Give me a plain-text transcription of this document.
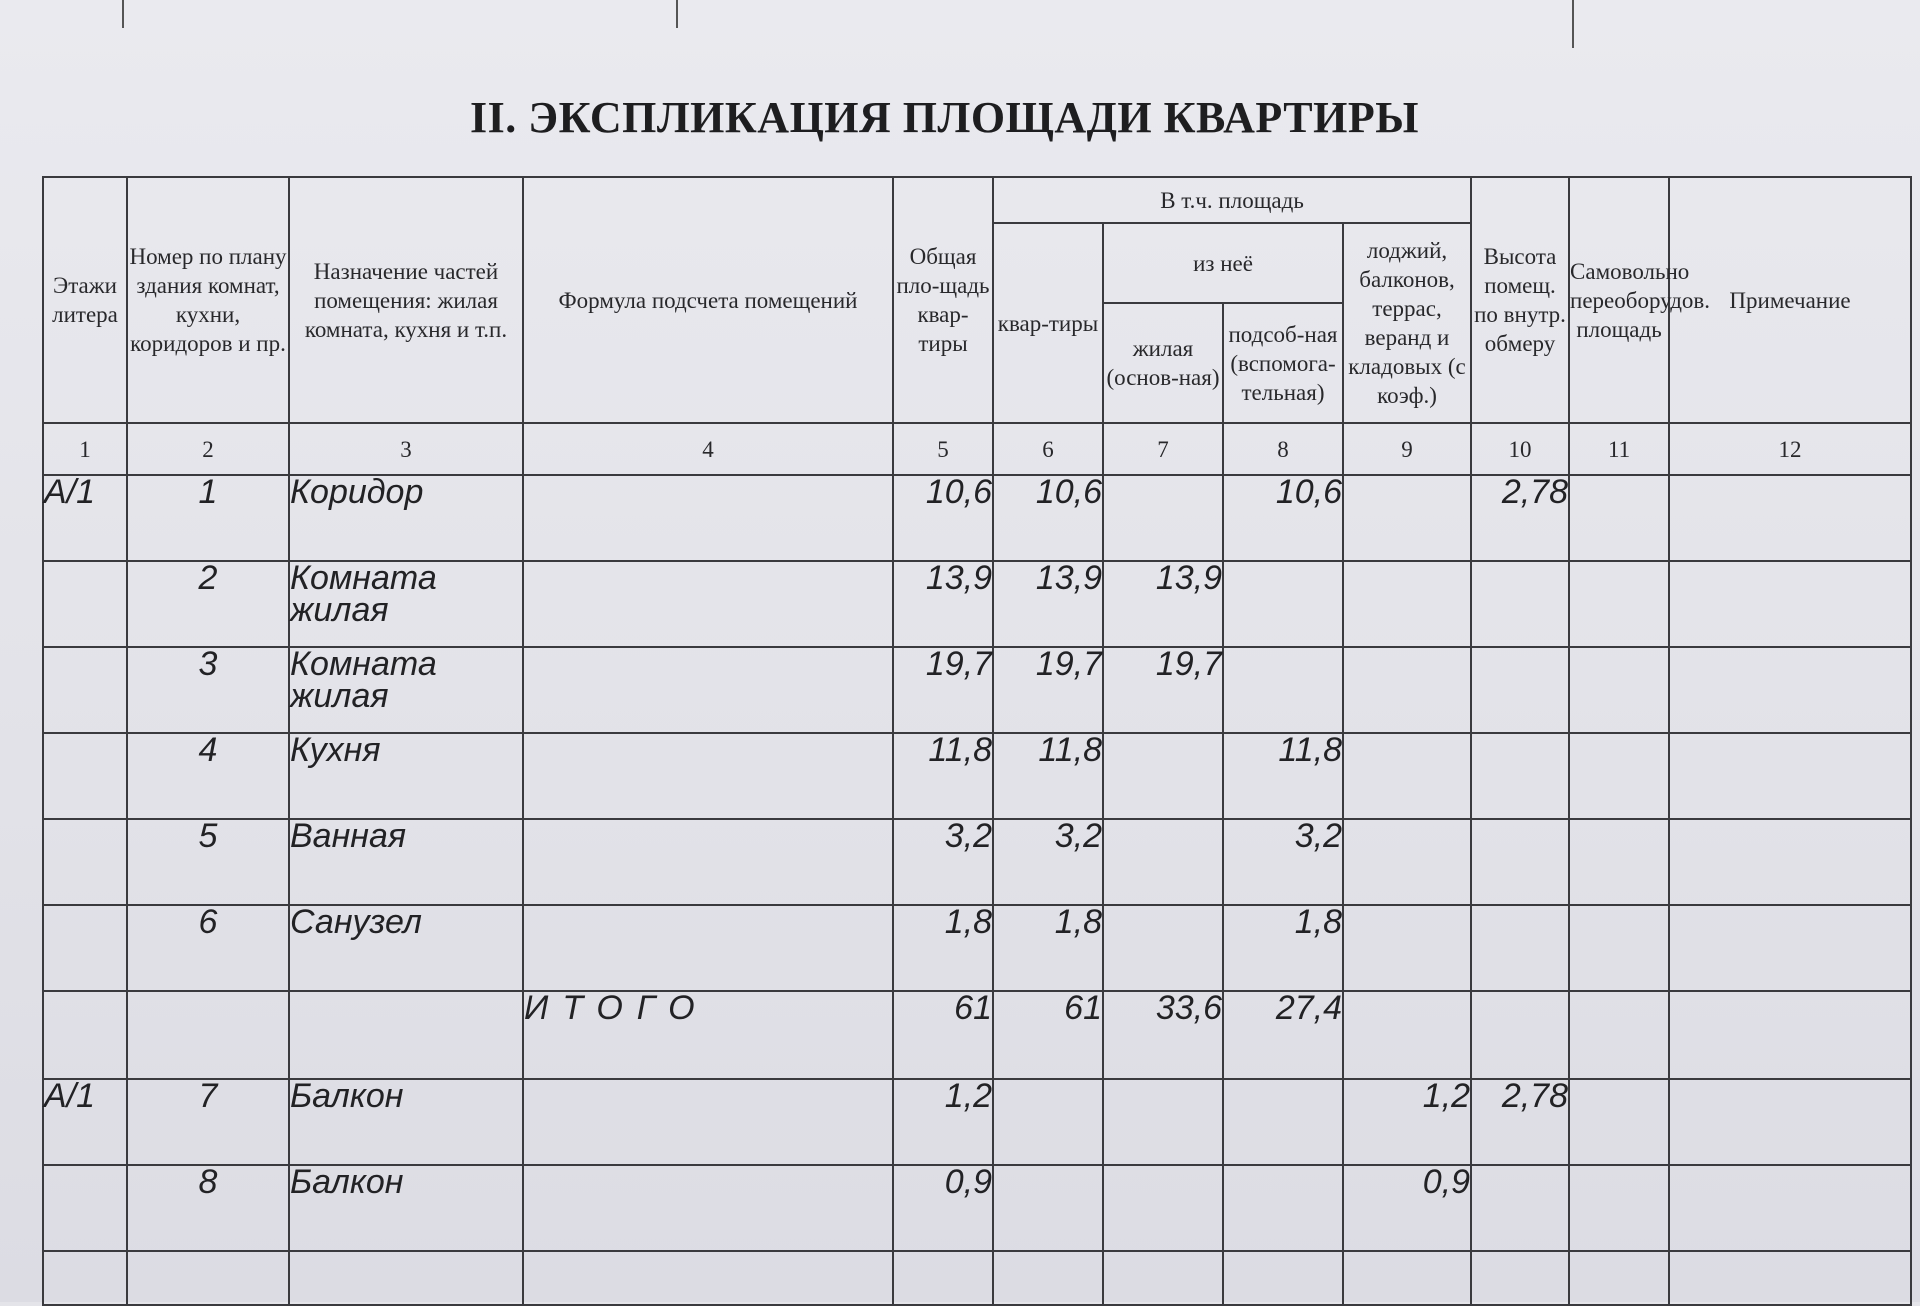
II. ЭКСПЛИКАЦИЯ ПЛОЩАДИ КВАРТИРЫ
Этажи литера	Номер по плану здания комнат, кухни, коридоров и пр.	Назначение частей помещения: жилая комната, кухня и т.п.	Формула подсчета помещений	Общая пло-щадь квар-тиры	В т.ч. площадь				Высота помещ. по внутр. обмеру	Самовольно переоборудов. площадь	Примечание
					квар-тиры	из неё		лоджий, балконов, террас, веранд и кладовых (с коэф.)			
						жилая (основ-ная)	подсоб-ная (вспомога-тельная)				
1	2	3	4	5	6	7	8	9	10	11	12
А/1	1	Коридор		10,6	10,6		10,6		2,78		
	2	Комната жилая		13,9	13,9	13,9					
	3	Комната жилая		19,7	19,7	19,7					
	4	Кухня		11,8	11,8		11,8				
	5	Ванная		3,2	3,2		3,2				
	6	Санузел		1,8	1,8		1,8				
			ИТОГО	61	61	33,6	27,4				
А/1	7	Балкон		1,2				1,2	2,78		
	8	Балкон		0,9				0,9			
